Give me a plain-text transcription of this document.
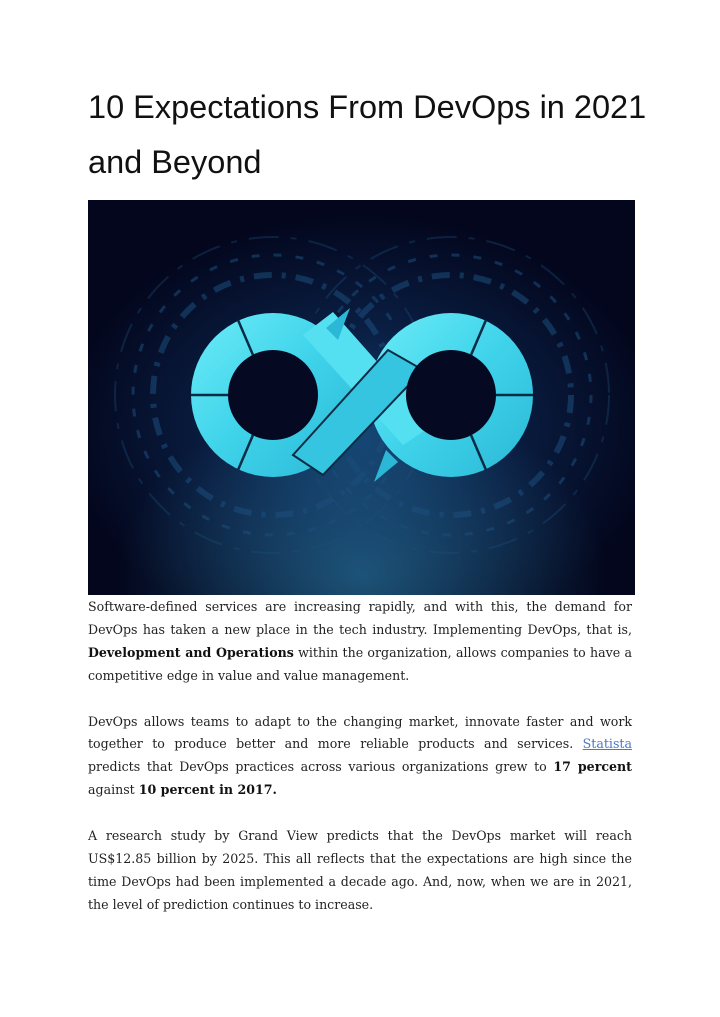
10 Expectations From DevOps in 2021 and Beyond

Software-defined services are increasing rapidly, and with this, the demand for DevOps has taken a new place in the tech industry. Implementing DevOps, that is, Development and Operations within the organization, allows companies to have a competitive edge in value and value management.

DevOps allows teams to adapt to the changing market, innovate faster and work together to produce better and more reliable products and services. Statista predicts that DevOps practices across various organizations grew to 17 percent against 10 percent in 2017.

A research study by Grand View predicts that the DevOps market will reach US$12.85 billion by 2025. This all reflects that the expectations are high since the time DevOps had been implemented a decade ago. And, now, when we are in 2021, the level of prediction continues to increase.
